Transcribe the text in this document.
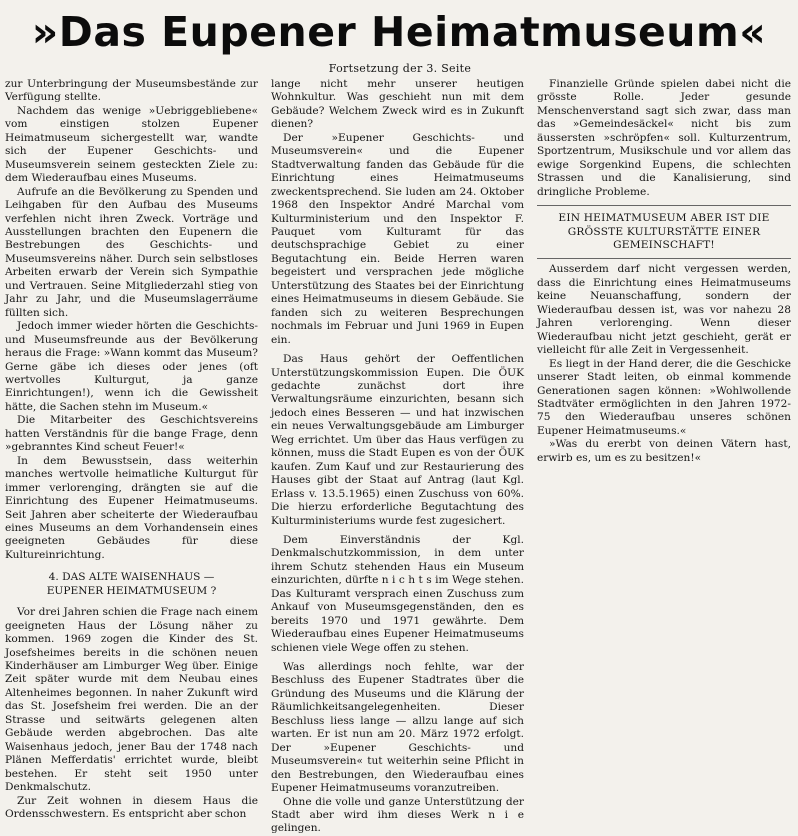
»Das Eupener Heimatmuseum«
Fortsetzung der 3. Seite

zur Unterbringung der Museumsbestände zur Verfügung stellte.

Nachdem das wenige »Uebriggebliebene« vom einstigen stolzen Eupener Heimatmuseum sichergestellt war, wandte sich der Eupener Geschichts- und Museumsverein seinem gesteckten Ziele zu: dem Wiederaufbau eines Museums.

Aufrufe an die Bevölkerung zu Spenden und Leihgaben für den Aufbau des Museums verfehlen nicht ihren Zweck. Vorträge und Ausstellungen brachten den Eupenern die Bestrebungen des Geschichts- und Museumsvereins näher. Durch sein selbstloses Arbeiten erwarb der Verein sich Sympathie und Vertrauen. Seine Mitgliederzahl stieg von Jahr zu Jahr, und die Museumslagerräume füllten sich.

Jedoch immer wieder hörten die Geschichts- und Museumsfreunde aus der Bevölkerung heraus die Frage: »Wann kommt das Museum? Gerne gäbe ich dieses oder jenes (oft wertvolles Kulturgut, ja ganze Einrichtungen!), wenn ich die Gewissheit hätte, die Sachen stehn im Museum.«

Die Mitarbeiter des Geschichtsvereins hatten Verständnis für die bange Frage, denn »gebranntes Kind scheut Feuer!«

In dem Bewusstsein, dass weiterhin manches wertvolle heimatliche Kulturgut für immer verlorenging, drängten sie auf die Einrichtung des Eupener Heimatmuseums. Seit Jahren aber scheiterte der Wiederaufbau eines Museums an dem Vorhandensein eines geeigneten Gebäudes für diese Kultureinrichtung.

4. DAS ALTE WAISENHAUS —
EUPENER HEIMATMUSEUM ?

Vor drei Jahren schien die Frage nach einem geeigneten Haus der Lösung näher zu kommen. 1969 zogen die Kinder des St. Josefsheimes bereits in die schönen neuen Kinderhäuser am Limburger Weg über. Einige Zeit später wurde mit dem Neubau eines Altenheimes begonnen. In naher Zukunft wird das St. Josefsheim frei werden. Die an der Strasse und seitwärts gelegenen alten Gebäude werden abgebrochen. Das alte Waisenhaus jedoch, jener Bau der 1748 nach Plänen Mefferdatis' errichtet wurde, bleibt bestehen. Er steht seit 1950 unter Denkmalschutz.

Zur Zeit wohnen in diesem Haus die Ordensschwestern. Es entspricht aber schon

lange nicht mehr unserer heutigen Wohnkultur. Was geschieht nun mit dem Gebäude? Welchem Zweck wird es in Zukunft dienen?

Der »Eupener Geschichts- und Museumsverein« und die Eupener Stadtverwaltung fanden das Gebäude für die Einrichtung eines Heimatmuseums zweckentsprechend. Sie luden am 24. Oktober 1968 den Inspektor André Marchal vom Kulturministerium und den Inspektor F. Pauquet vom Kulturamt für das deutschsprachige Gebiet zu einer Begutachtung ein. Beide Herren waren begeistert und versprachen jede mögliche Unterstützung des Staates bei der Einrichtung eines Heimatmuseums in diesem Gebäude. Sie fanden sich zu weiteren Besprechungen nochmals im Februar und Juni 1969 in Eupen ein.

Das Haus gehört der Oeffentlichen Unterstützungskommission Eupen. Die ÖUK gedachte zunächst dort ihre Verwaltungsräume einzurichten, besann sich jedoch eines Besseren — und hat inzwischen ein neues Verwaltungsgebäude am Limburger Weg errichtet. Um über das Haus verfügen zu können, muss die Stadt Eupen es von der ÖUK kaufen. Zum Kauf und zur Restaurierung des Hauses gibt der Staat auf Antrag (laut Kgl. Erlass v. 13.5.1965) einen Zuschuss von 60%. Die hierzu erforderliche Begutachtung des Kulturministeriums wurde fest zugesichert.

Dem Einverständnis der Kgl. Denkmalschutzkommission, in dem unter ihrem Schutz stehenden Haus ein Museum einzurichten, dürfte n i c h t s im Wege stehen. Das Kulturamt versprach einen Zuschuss zum Ankauf von Museumsgegenständen, den es bereits 1970 und 1971 gewährte. Dem Wiederaufbau eines Eupener Heimatmuseums schienen viele Wege offen zu stehen.

Was allerdings noch fehlte, war der Beschluss des Eupener Stadtrates über die Gründung des Museums und die Klärung der Räumlichkeitsangelegenheiten. Dieser Beschluss liess lange — allzu lange auf sich warten. Er ist nun am 20. März 1972 erfolgt. Der »Eupener Geschichts- und Museumsverein« tut weiterhin seine Pflicht in den Bestrebungen, den Wiederaufbau eines Eupener Heimatmuseums voranzutreiben.

Ohne die volle und ganze Unterstützung der Stadt aber wird ihm dieses Werk n i e gelingen.

Finanzielle Gründe spielen dabei nicht die grösste Rolle. Jeder gesunde Menschenverstand sagt sich zwar, dass man das »Gemeindesäckel« nicht bis zum äussersten »schröpfen« soll. Kulturzentrum, Sportzentrum, Musikschule und vor allem das ewige Sorgenkind Eupens, die schlechten Strassen und die Kanalisierung, sind dringliche Probleme.

EIN HEIMATMUSEUM ABER IST DIE GRÖSSTE KULTURSTÄTTE EINER GEMEINSCHAFT!

Ausserdem darf nicht vergessen werden, dass die Einrichtung eines Heimatmuseums keine Neuanschaffung, sondern der Wiederaufbau dessen ist, was vor nahezu 28 Jahren verlorenging. Wenn dieser Wiederaufbau nicht jetzt geschieht, gerät er vielleicht für alle Zeit in Vergessenheit.

Es liegt in der Hand derer, die die Geschicke unserer Stadt leiten, ob einmal kommende Generationen sagen können: »Wohlwollende Stadtväter ermöglichten in den Jahren 1972-75 den Wiederaufbau unseres schönen Eupener Heimatmuseums.«

»Was du ererbt von deinen Vätern hast, erwirb es, um es zu besitzen!«
